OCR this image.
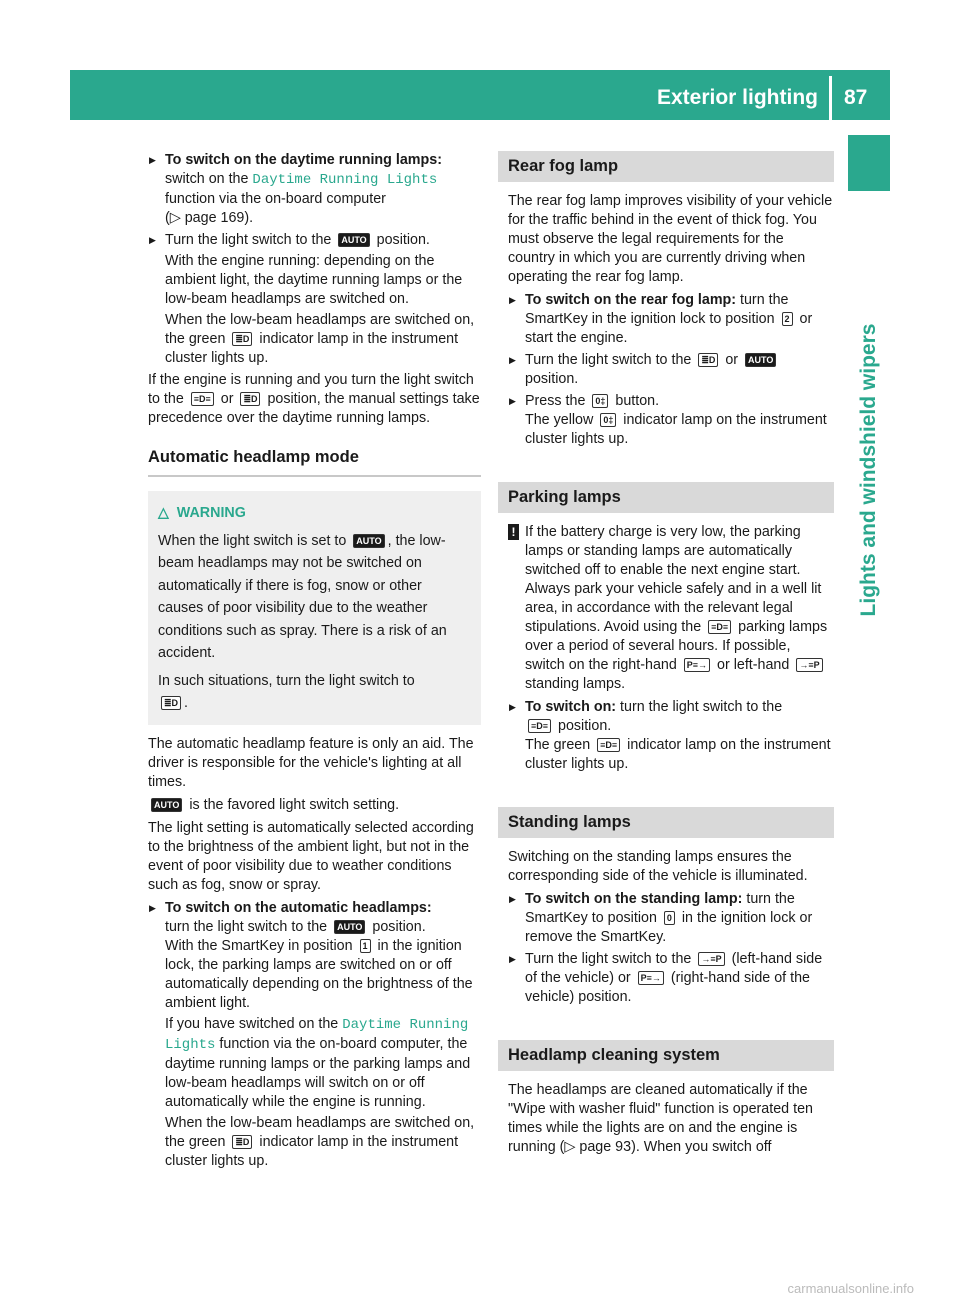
Exterior lighting 87
Lights and windshield wipers
▶ To switch on the daytime running lamps:
switch on the Daytime Running Lights
function via the on-board computer
(▷ page 169).
▶ Turn the light switch to the AUTO position.

With the engine running: depending on the ambient light, the daytime running lamps or the low-beam headlamps are switched on.

When the low-beam headlamps are switched on, the green ≣D indicator lamp in the instrument cluster lights up.

If the engine is running and you turn the light switch to the ≡D≡ or ≣D position, the manual settings take precedence over the daytime running lamps.

Automatic headlamp mode
△ WARNING

When the light switch is set to AUTO , the low-beam headlamps may not be switched on automatically if there is fog, snow or other causes of poor visibility due to the weather conditions such as spray. There is a risk of an accident.

In such situations, turn the light switch to
≣D .

The automatic headlamp feature is only an aid. The driver is responsible for the vehicle's lighting at all times.

AUTO is the favored light switch setting.

The light setting is automatically selected according to the brightness of the ambient light, but not in the event of poor visibility due to weather conditions such as fog, snow or spray.

▶ To switch on the automatic headlamps:
turn the light switch to the AUTO position.
With the SmartKey in position 1 in the ignition lock, the parking lamps are switched on or off automatically depending on the brightness of the ambient light.

If you have switched on the Daytime Running Lights function via the on-board computer, the daytime running lamps or the parking lamps and low-beam headlamps will switch on or off automatically while the engine is running.

When the low-beam headlamps are switched on, the green ≣D indicator lamp in the instrument cluster lights up.

Rear fog lamp

The rear fog lamp improves visibility of your vehicle for the traffic behind in the event of thick fog. You must observe the legal requirements for the country in which you are currently driving when operating the rear fog lamp.

▶ To switch on the rear fog lamp: turn the SmartKey in the ignition lock to position 2 or start the engine.
▶ Turn the light switch to the ≣D or AUTO position.
▶ Press the 0‡ button.
The yellow 0‡ indicator lamp on the instrument cluster lights up.
Parking lamps

! If the battery charge is very low, the parking lamps or standing lamps are automatically switched off to enable the next engine start. Always park your vehicle safely and in a well lit area, in accordance with the relevant legal stipulations. Avoid using the ≡D≡ parking lamps over a period of several hours. If possible, switch on the right-hand P≡→ or left-hand →≡P standing lamps.

▶ To switch on: turn the light switch to the
≡D≡ position.
The green ≡D≡ indicator lamp on the instrument cluster lights up.
Standing lamps

Switching on the standing lamps ensures the corresponding side of the vehicle is illuminated.

▶ To switch on the standing lamp: turn the SmartKey to position 0 in the ignition lock or remove the SmartKey.
▶ Turn the light switch to the →≡P (left-hand side of the vehicle) or P≡→ (right-hand side of the vehicle) position.
Headlamp cleaning system

The headlamps are cleaned automatically if the "Wipe with washer fluid" function is operated ten times while the lights are on and the engine is running (▷ page 93). When you switch off

carmanualsonline.info
